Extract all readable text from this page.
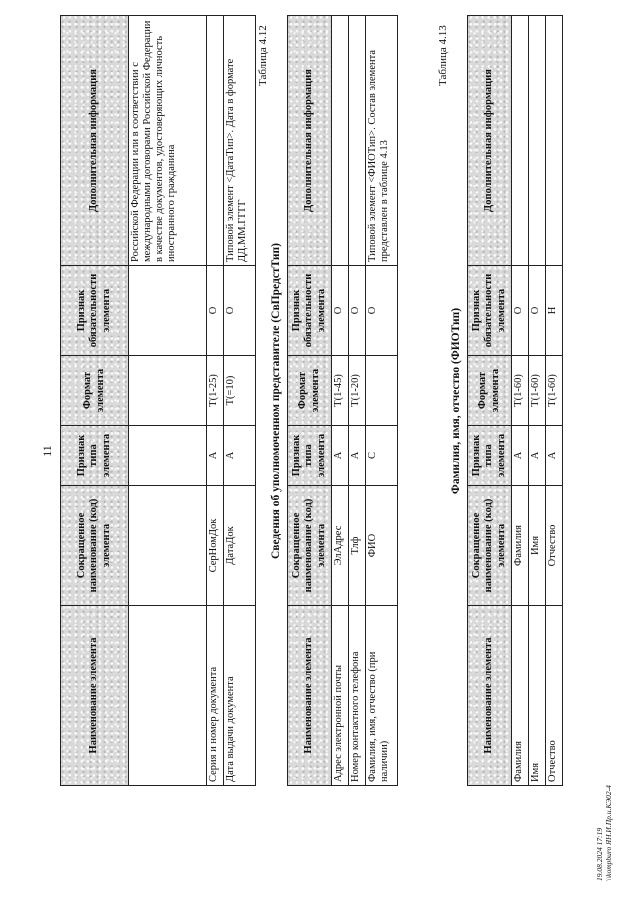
11
Наименование элемента	Сокращенное наименование (код) элемента	Признак типа элемента	Формат элемента	Признак обязательности элемента	Дополнительная информация
					Российской Федерации или в соответствии с международными договорами Российской Федерации в качестве документов, удостоверяющих личность иностранного гражданина
Серия и номер документа	СерНомДок	А	Т(1-25)	О	
Дата выдачи документа	ДатаДок	А	Т(=10)	О	Типовой элемент <ДатаТип>. Дата в формате ДД.ММ.ГГГГ
Таблица 4.12
Сведения об уполномоченном представителе (СвПредстТип)
Наименование элемента	Сокращенное наименование (код) элемента	Признак типа элемента	Формат элемента	Признак обязательности элемента	Дополнительная информация
Адрес электронной почты	ЭлАдрес	А	Т(1-45)	О	
Номер контактного телефона	Тлф	А	Т(1-20)	О	
Фамилия, имя, отчество (при наличии)	ФИО	С		О	Типовой элемент <ФИОТип>. Состав элемента представлен в таблице 4.13
Таблица 4.13
Фамилия, имя, отчество (ФИОТип)
Наименование элемента	Сокращенное наименование (код) элемента	Признак типа элемента	Формат элемента	Признак обязательности элемента	Дополнительная информация
Фамилия	Фамилия	А	Т(1-60)	О	
Имя	Имя	А	Т(1-60)	О	
Отчество	Отчество	А	Т(1-60)	Н	
19.08.2024 17:19 \\kompburo ЯН.И.Пр.и.КЭ02-4
